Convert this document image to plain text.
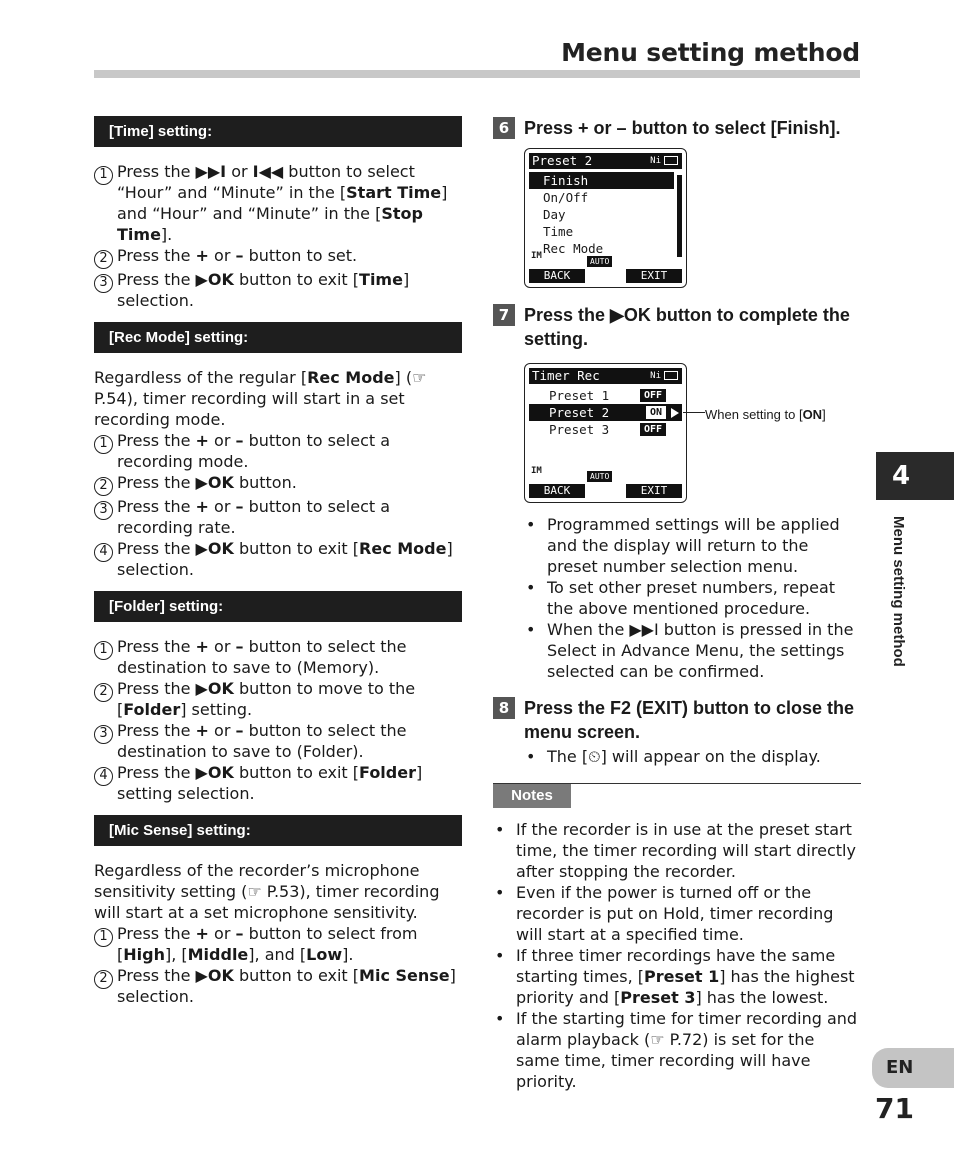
Menu setting method
[Time] setting:
1 Press the ▶▶I or I◀◀ button to select “Hour” and “Minute” in the [Start Time] and “Hour” and “Minute” in the [Stop Time].
2 Press the + or – button to set.
3 Press the ▶OK button to exit [Time] selection.
[Rec Mode] setting:
Regardless of the regular [Rec Mode] (☞ P.54), timer recording will start in a set recording mode.
1 Press the + or – button to select a recording mode.
2 Press the ▶OK button.
3 Press the + or – button to select a recording rate.
4 Press the ▶OK button to exit [Rec Mode] selection.
[Folder] setting:
1 Press the + or – button to select the destination to save to (Memory).
2 Press the ▶OK button to move to the [Folder] setting.
3 Press the + or – button to select the destination to save to (Folder).
4 Press the ▶OK button to exit [Folder] setting selection.
[Mic Sense] setting:
Regardless of the recorder’s microphone sensitivity setting (☞ P.53), timer recording will start at a set microphone sensitivity.
1 Press the + or – button to select from [High], [Middle], and [Low].
2 Press the ▶OK button to exit [Mic Sense] selection.
6 Press + or – button to select [Finish].
Preset 2	Ni
Finish
On/Off
Day
Time
Rec Mode
IM
AUTO
BACK	EXIT
7 Press the ▶OK button to complete the setting.
Timer Rec	Ni
Preset 1	OFF
Preset 2	ON
Preset 3	OFF
IM
AUTO
BACK	EXIT
When setting to [ON]
• Programmed settings will be applied and the display will return to the preset number selection menu.
• To set other preset numbers, repeat the above mentioned procedure.
• When the ▶▶I button is pressed in the Select in Advance Menu, the settings selected can be confirmed.
8 Press the F2 (EXIT) button to close the menu screen.
• The [⏲] will appear on the display.
Notes
• If the recorder is in use at the preset start time, the timer recording will start directly after stopping the recorder.
• Even if the power is turned off or the recorder is put on Hold, timer recording will start at a specified time.
• If three timer recordings have the same starting times, [Preset 1] has the highest priority and [Preset 3] has the lowest.
• If the starting time for timer recording and alarm playback (☞ P.72) is set for the same time, timer recording will have priority.
4
Menu setting method
EN
71
